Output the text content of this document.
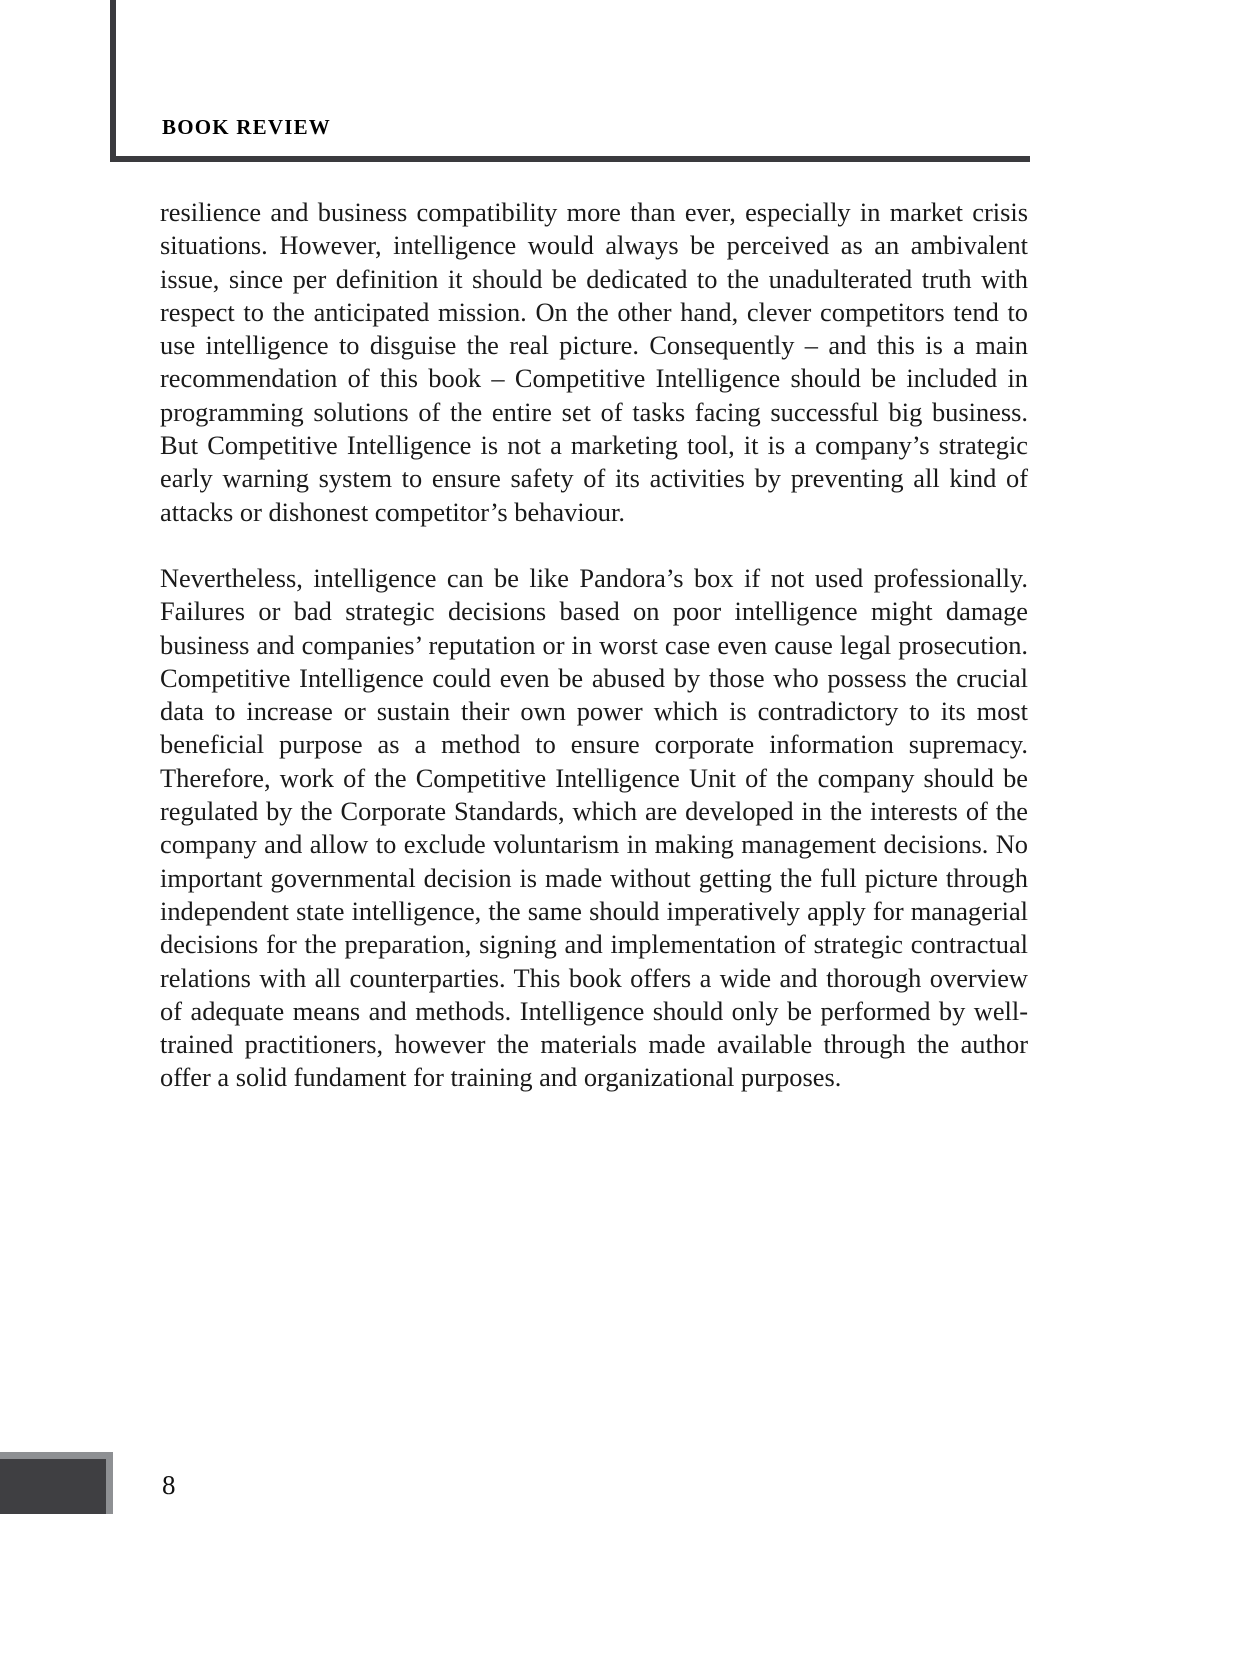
BOOK REVIEW

resilience and business compatibility more than ever, especially in market crisis situations. However, intelligence would always be perceived as an ambivalent issue, since per definition it should be dedicated to the unadulterated truth with respect to the anticipated mission. On the other hand, clever competitors tend to use intelligence to disguise the real picture. Consequently – and this is a main recommendation of this book – Competitive Intelligence should be included in programming solutions of the entire set of tasks facing successful big business. But Competitive Intelligence is not a marketing tool, it is a company’s strategic early warning system to ensure safety of its activities by preventing all kind of attacks or dishonest competitor’s behaviour.

Nevertheless, intelligence can be like Pandora’s box if not used professionally. Failures or bad strategic decisions based on poor intelligence might damage business and companies’ reputation or in worst case even cause legal prosecution. Competitive Intelligence could even be abused by those who possess the crucial data to increase or sustain their own power which is contradictory to its most beneficial purpose as a method to ensure corporate information supremacy. Therefore, work of the Competitive Intelligence Unit of the company should be regulated by the Corporate Standards, which are developed in the interests of the company and allow to exclude voluntarism in making management decisions. No important governmental decision is made without getting the full picture through independent state intelligence, the same should imperatively apply for managerial decisions for the preparation, signing and implementation of strategic contractual relations with all counterparties. This book offers a wide and thorough overview of adequate means and methods. Intelligence should only be performed by well-trained practitioners, however the materials made available through the author offer a solid fundament for training and organizational purposes.

8
